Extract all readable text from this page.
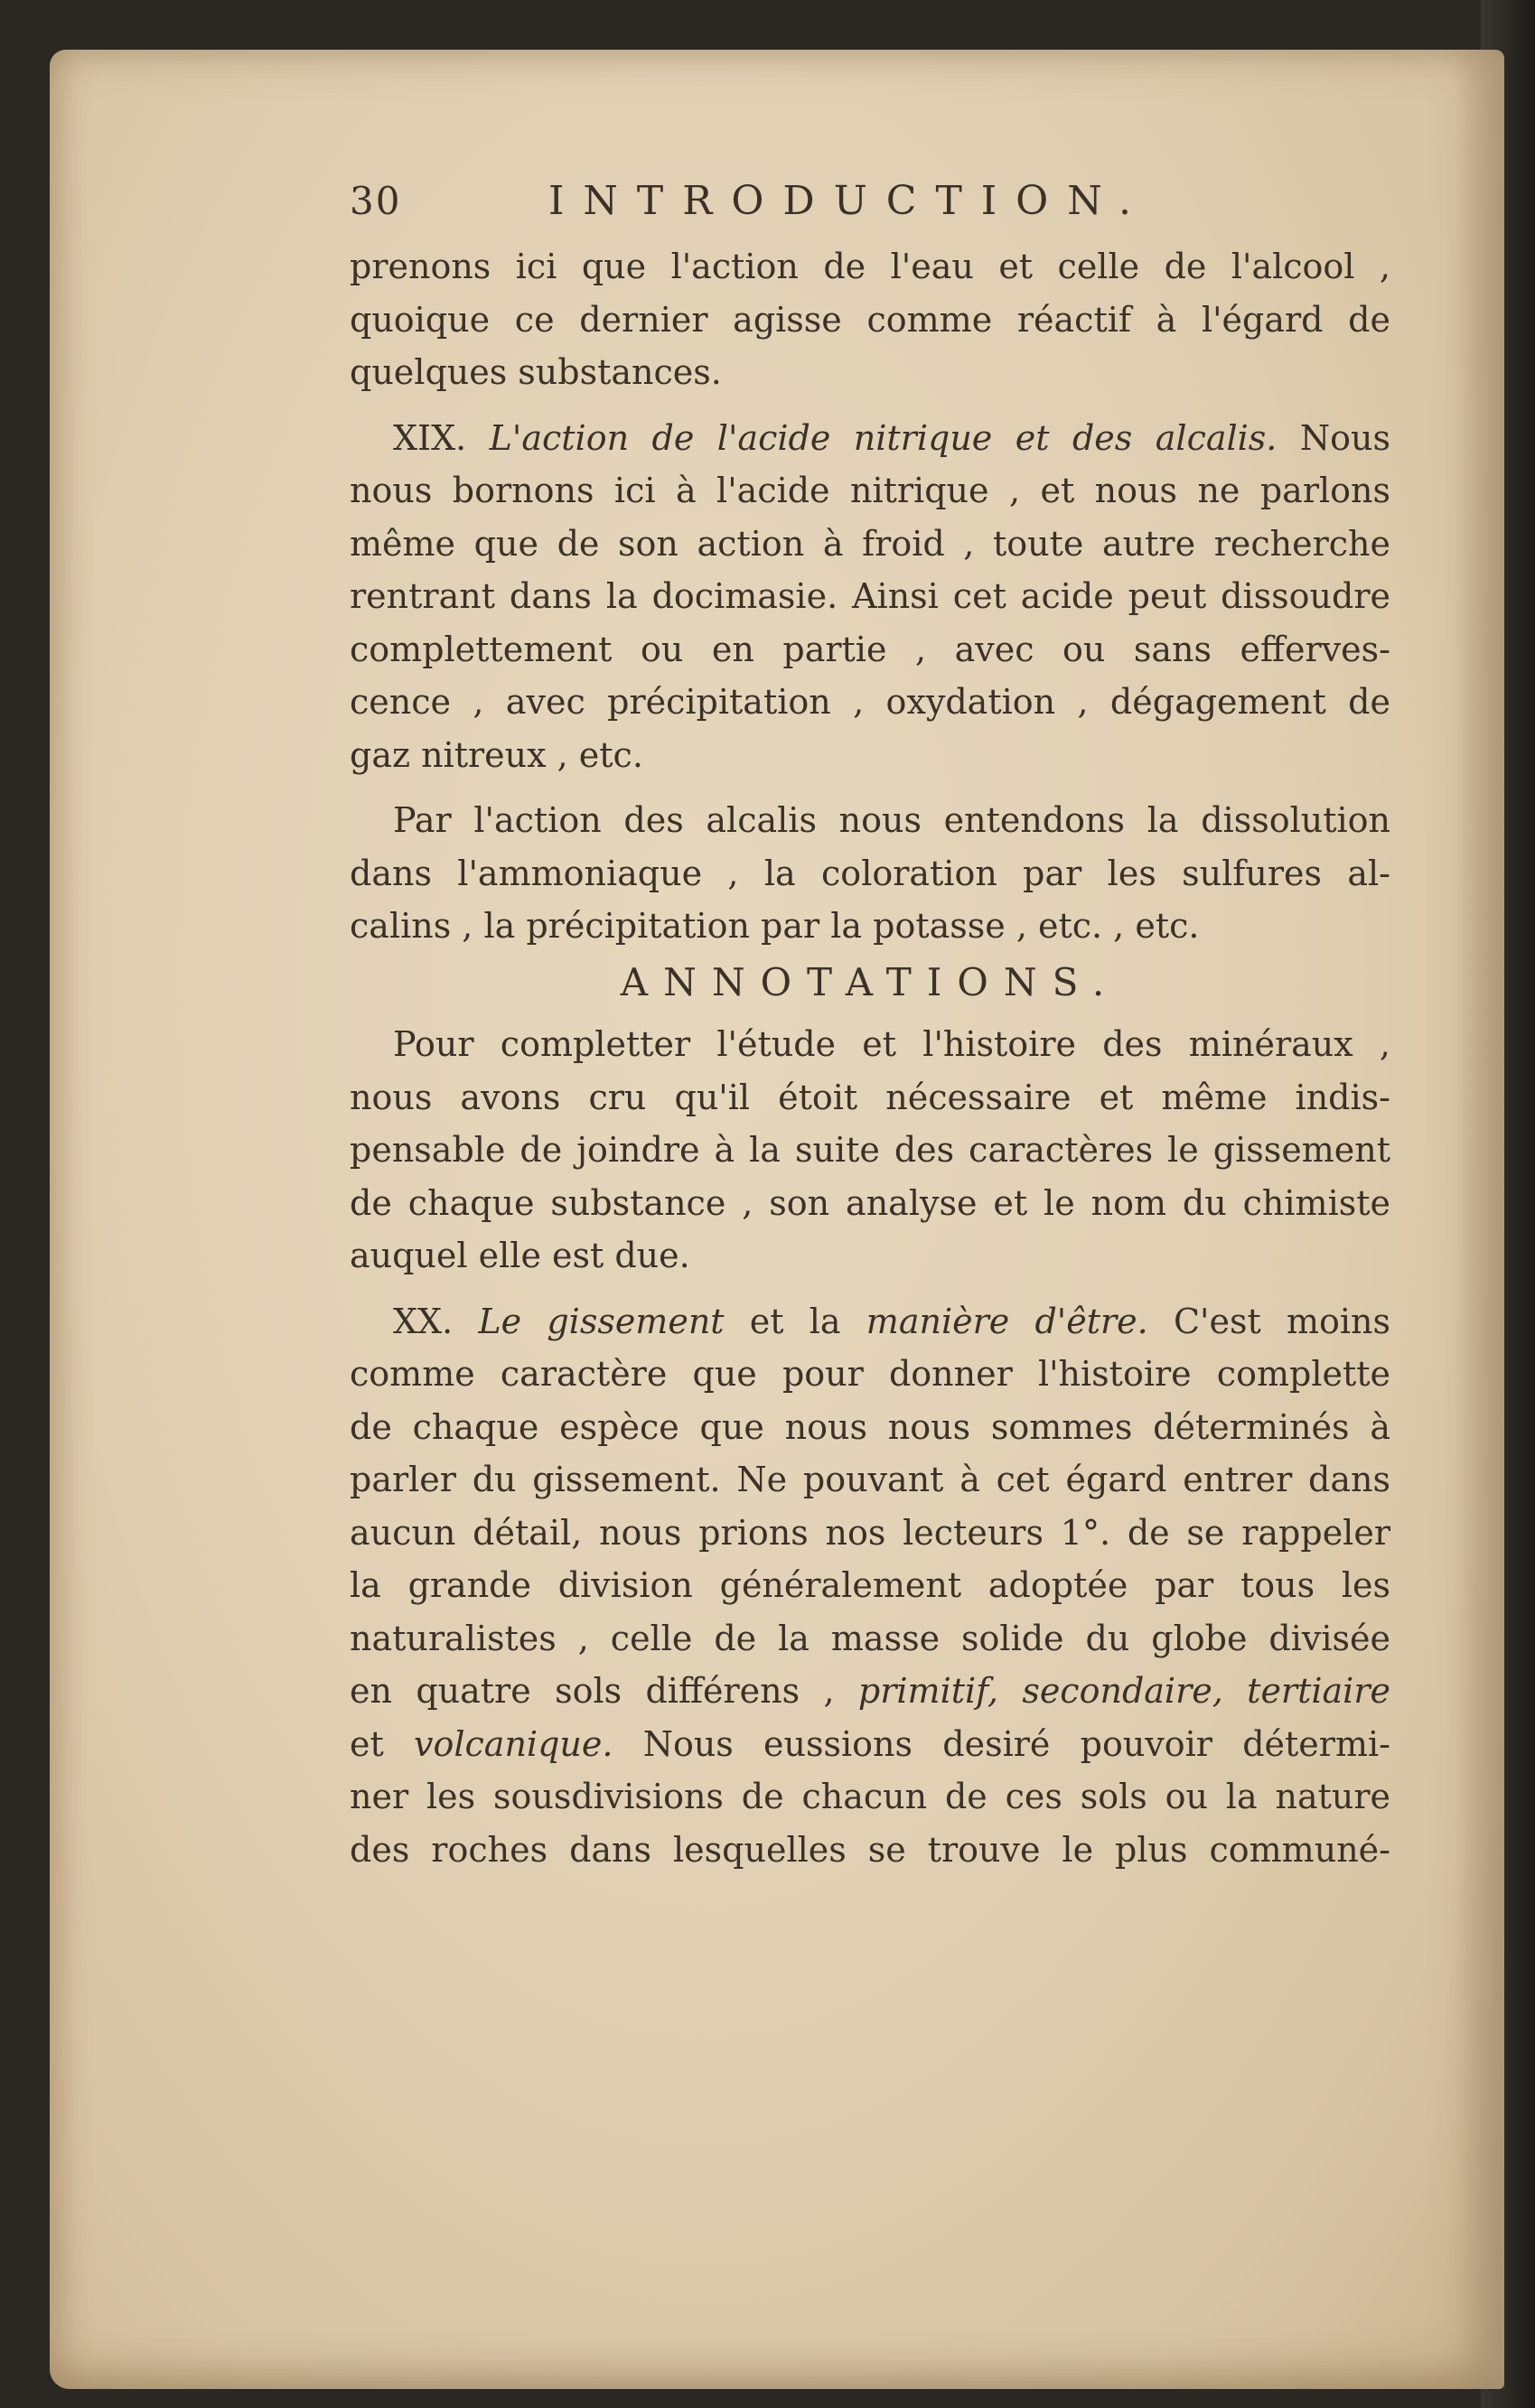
30	INTRODUCTION.
prenons ici que l'action de l'eau et celle de l'alcool ,
quoique ce dernier agisse comme réactif à l'égard de
quelques substances.
XIX. L'action de l'acide nitrique et des alcalis. Nous
nous bornons ici à l'acide nitrique , et nous ne parlons
même que de son action à froid , toute autre recherche
rentrant dans la docimasie. Ainsi cet acide peut dissoudre
complettement ou en partie , avec ou sans efferves-
cence , avec précipitation , oxydation , dégagement de
gaz nitreux , etc.
Par l'action des alcalis nous entendons la dissolution
dans l'ammoniaque , la coloration par les sulfures al-
calins , la précipitation par la potasse , etc. , etc.
ANNOTATIONS.
Pour completter l'étude et l'histoire des minéraux ,
nous avons cru qu'il étoit nécessaire et même indis-
pensable de joindre à la suite des caractères le gissement
de chaque substance , son analyse et le nom du chimiste
auquel elle est due.
XX. Le gissement et la manière d'être. C'est moins
comme caractère que pour donner l'histoire complette
de chaque espèce que nous nous sommes déterminés à
parler du gissement. Ne pouvant à cet égard entrer dans
aucun détail, nous prions nos lecteurs 1°. de se rappeler
la grande division généralement adoptée par tous les
naturalistes , celle de la masse solide du globe divisée
en quatre sols différens , primitif, secondaire, tertiaire
et volcanique. Nous eussions desiré pouvoir détermi-
ner les sousdivisions de chacun de ces sols ou la nature
des roches dans lesquelles se trouve le plus communé-
